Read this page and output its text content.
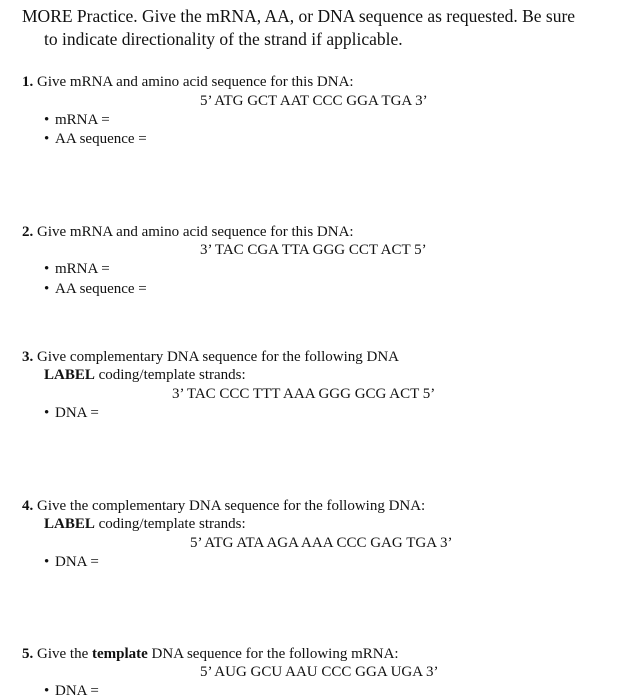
MORE Practice. Give the mRNA, AA, or DNA sequence as requested. Be sure
to indicate directionality of the strand if applicable.
1. Give mRNA and amino acid sequence for this DNA:
5’ ATG GCT AAT CCC GGA TGA 3’
• mRNA =
• AA sequence =
2. Give mRNA and amino acid sequence for this DNA:
3’ TAC CGA TTA GGG CCT ACT 5’
• mRNA =
• AA sequence =
3. Give complementary DNA sequence for the following DNA
LABEL coding/template strands:
3’ TAC CCC TTT AAA GGG GCG ACT 5’
• DNA =
4. Give the complementary DNA sequence for the following DNA:
LABEL coding/template strands:
5’ ATG ATA AGA AAA CCC GAG TGA 3’
• DNA =
5. Give the template DNA sequence for the following mRNA:
5’ AUG GCU AAU CCC GGA UGA 3’
• DNA =
